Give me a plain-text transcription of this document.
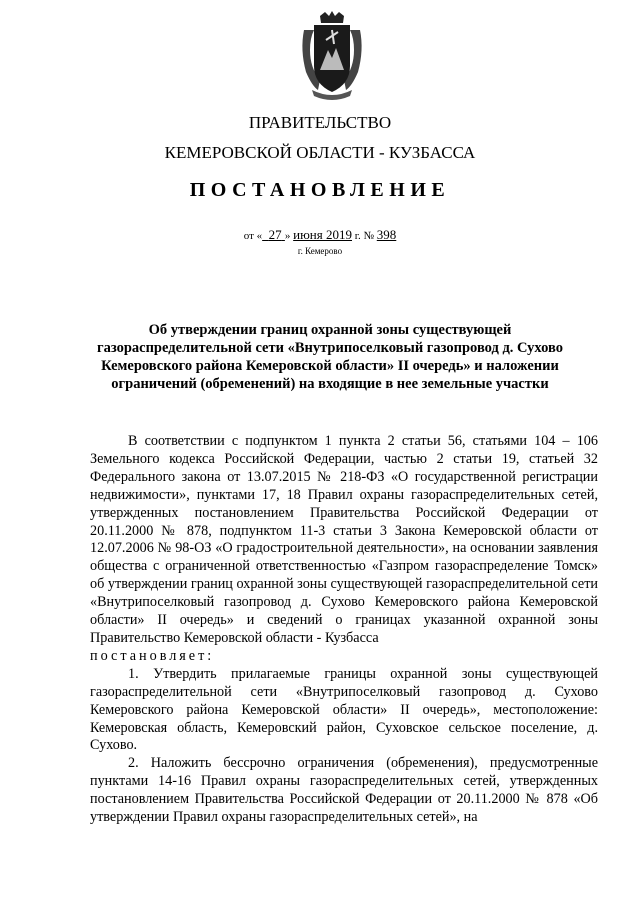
ПРАВИТЕЛЬСТВО
КЕМЕРОВСКОЙ ОБЛАСТИ - КУЗБАССА
ПОСТАНОВЛЕНИЕ
от « 27 » июня 2019 г. № 398
г. Кемерово
Об утверждении границ охранной зоны существующей газораспределительной сети «Внутрипоселковый газопровод д. Сухово Кемеровского района Кемеровской области» II очередь» и наложении ограничений (обременений) на входящие в нее земельные участки

В соответствии с подпунктом 1 пункта 2 статьи 56, статьями 104 – 106 Земельного кодекса Российской Федерации, частью 2 статьи 19, статьей 32 Федерального закона от 13.07.2015 № 218-ФЗ «О государственной регистрации недвижимости», пунктами 17, 18 Правил охраны газораспределительных сетей, утвержденных постановлением Правительства Российской Федерации от 20.11.2000 № 878, подпунктом 11-3 статьи 3 Закона Кемеровской области от 12.07.2006 № 98-ОЗ «О градостроительной деятельности», на основании заявления общества с ограниченной ответственностью «Газпром газораспределение Томск» об утверждении границ охранной зоны существующей газораспределительной сети «Внутрипоселковый газопровод д. Сухово Кемеровского района Кемеровской области» II очередь» и сведений о границах указанной охранной зоны Правительство Кемеровской области - Кузбасса

постановляет:

1. Утвердить прилагаемые границы охранной зоны существующей газораспределительной сети «Внутрипоселковый газопровод д. Сухово Кемеровского района Кемеровской области» II очередь», местоположение: Кемеровская область, Кемеровский район, Суховское сельское поселение, д. Сухово.

2. Наложить бессрочно ограничения (обременения), предусмотренные пунктами 14-16 Правил охраны газораспределительных сетей, утвержденных постановлением Правительства Российской Федерации от 20.11.2000 № 878 «Об утверждении Правил охраны газораспределительных сетей», на
